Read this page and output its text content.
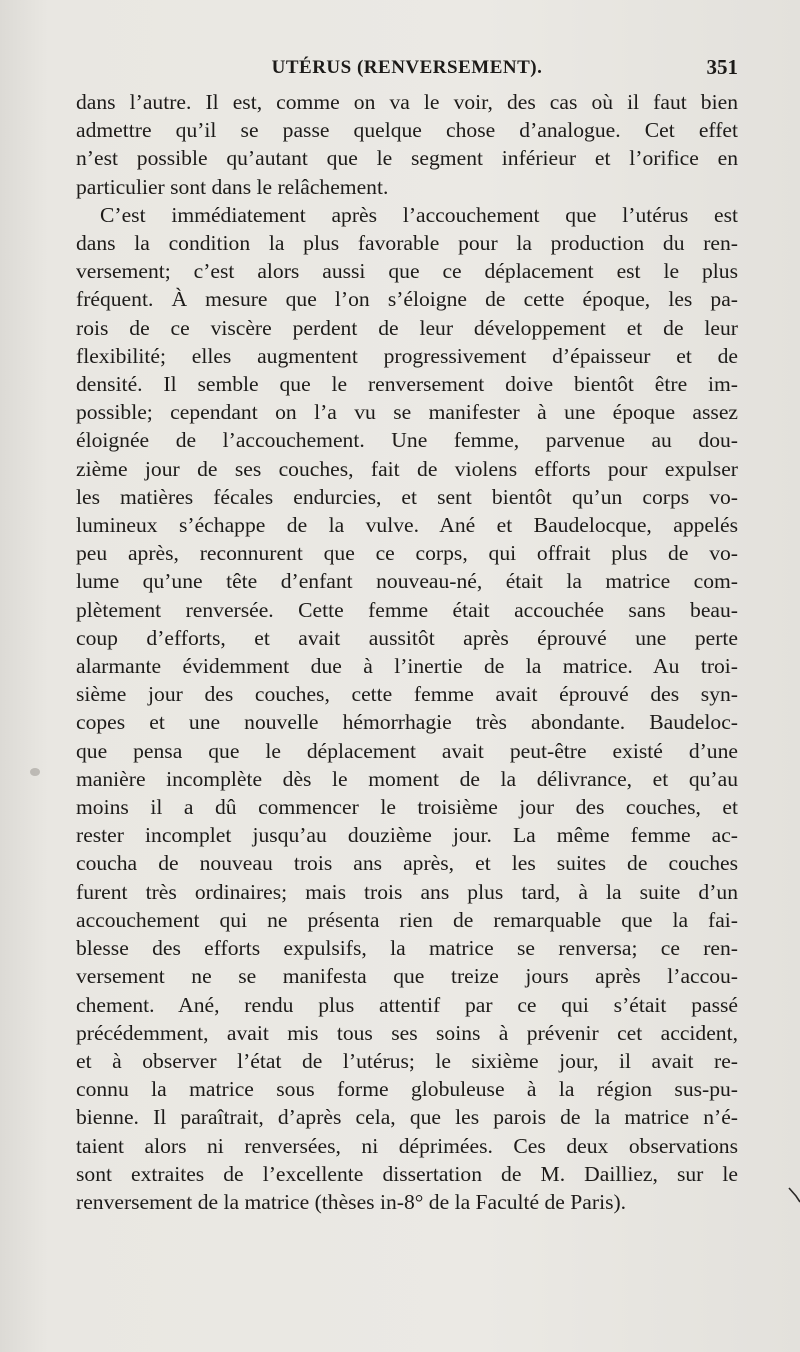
UTÉRUS (RENVERSEMENT).	351
dans l’autre. Il est, comme on va le voir, des cas où il faut bien
admettre qu’il se passe quelque chose d’analogue. Cet effet
n’est possible qu’autant que le segment inférieur et l’orifice en
particulier sont dans le relâchement.
C’est immédiatement après l’accouchement que l’utérus est
dans la condition la plus favorable pour la production du ren-
versement; c’est alors aussi que ce déplacement est le plus
fréquent. À mesure que l’on s’éloigne de cette époque, les pa-
rois de ce viscère perdent de leur développement et de leur
flexibilité; elles augmentent progressivement d’épaisseur et de
densité. Il semble que le renversement doive bientôt être im-
possible; cependant on l’a vu se manifester à une époque assez
éloignée de l’accouchement. Une femme, parvenue au dou-
zième jour de ses couches, fait de violens efforts pour expulser
les matières fécales endurcies, et sent bientôt qu’un corps vo-
lumineux s’échappe de la vulve. Ané et Baudelocque, appelés
peu après, reconnurent que ce corps, qui offrait plus de vo-
lume qu’une tête d’enfant nouveau-né, était la matrice com-
plètement renversée. Cette femme était accouchée sans beau-
coup d’efforts, et avait aussitôt après éprouvé une perte
alarmante évidemment due à l’inertie de la matrice. Au troi-
sième jour des couches, cette femme avait éprouvé des syn-
copes et une nouvelle hémorrhagie très abondante. Baudeloc-
que pensa que le déplacement avait peut-être existé d’une
manière incomplète dès le moment de la délivrance, et qu’au
moins il a dû commencer le troisième jour des couches, et
rester incomplet jusqu’au douzième jour. La même femme ac-
coucha de nouveau trois ans après, et les suites de couches
furent très ordinaires; mais trois ans plus tard, à la suite d’un
accouchement qui ne présenta rien de remarquable que la fai-
blesse des efforts expulsifs, la matrice se renversa; ce ren-
versement ne se manifesta que treize jours après l’accou-
chement. Ané, rendu plus attentif par ce qui s’était passé
précédemment, avait mis tous ses soins à prévenir cet accident,
et à observer l’état de l’utérus; le sixième jour, il avait re-
connu la matrice sous forme globuleuse à la région sus-pu-
bienne. Il paraîtrait, d’après cela, que les parois de la matrice n’é-
taient alors ni renversées, ni déprimées. Ces deux observations
sont extraites de l’excellente dissertation de M. Dailliez, sur le
renversement de la matrice (thèses in-8° de la Faculté de Paris).
